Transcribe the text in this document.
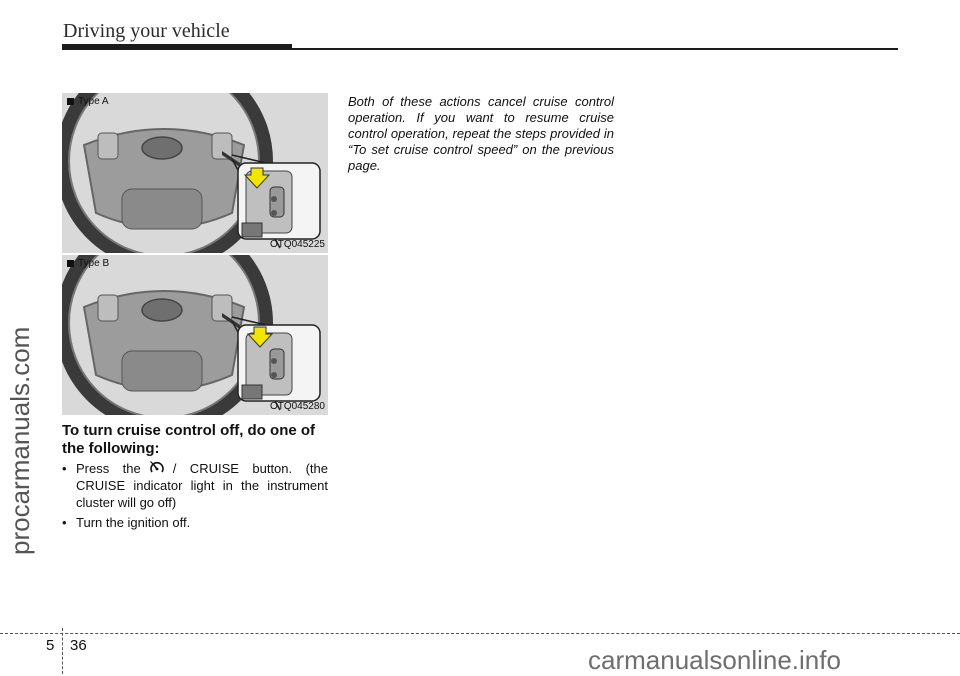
Driving your vehicle
procarmanuals.com
Type A
OTQ045225
Type B
OTQ045280
To turn cruise control off, do one of the following:
• Press the / CRUISE button. (the CRUISE indicator light in the instrument cluster will go off)
• Turn the ignition off.
Both of these actions cancel cruise control operation. If you want to resume cruise control operation, repeat the steps provided in “To set cruise control speed” on the previous page.
5 36	carmanualsonline.info
